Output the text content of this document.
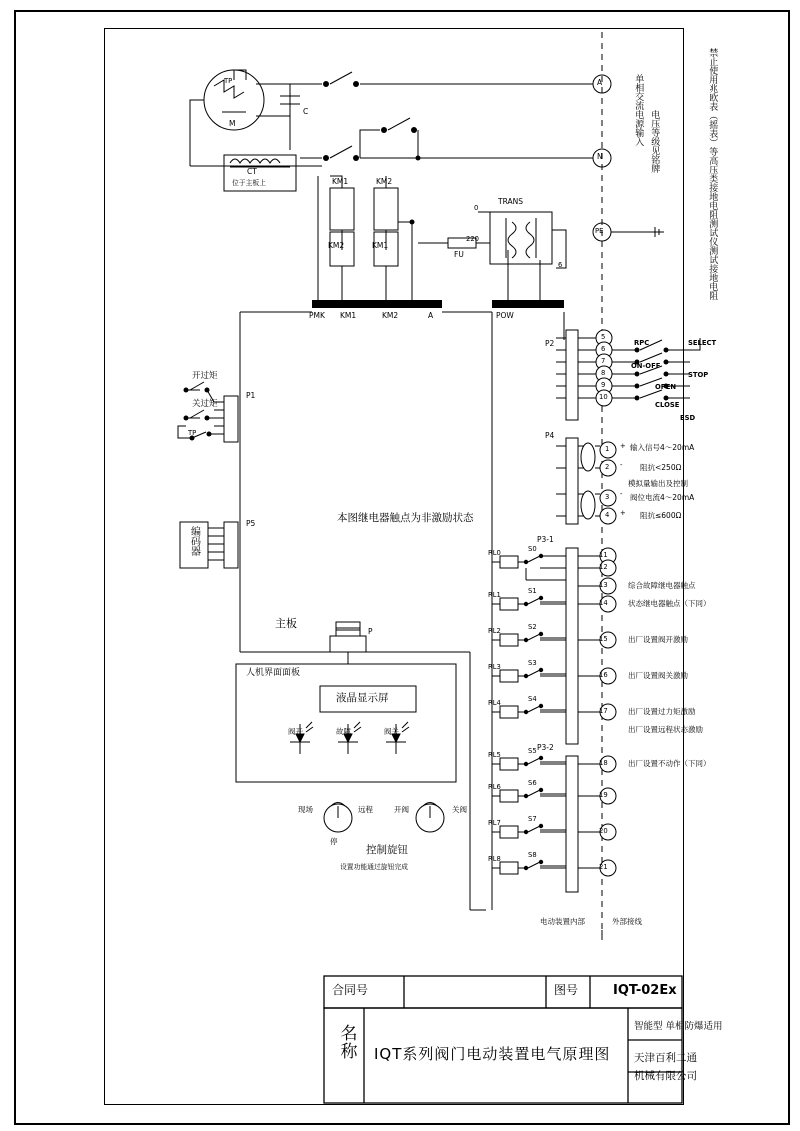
TP
M
C
CT
位于主板上	KM1	KM2
KM2	KM1
TRANS
0
220
6
FU
PMK KM1	KM2	A	POW
A
N
PE	禁止使用兆欧表（摇表）等高压类接地电阻测试仪测试接地电阻
单相交流电源输入 电压等级见铭牌
P1
P5
P2
P4
P3-1
P3-2
P
开过矩
关过矩
TP
编码器
本图继电器触点为非激励状态
主板
人机界面面板
液晶显示屏
阀开	故障	阀关
现场	远程	开阀	关阀
停
控制旋钮
设置功能通过旋钮完成
5
6
7
8
9
10
RPC	SELECT
ON-OFF
STOP
OPEN
CLOSE
ESD
1
2
3
4
+
-
-
+
输入信号4～20mA
阻抗<250Ω
模拟量输出及控制
阀位电流4～20mA
阻抗≤600Ω
11
12
13
14
15
16
17
18
19
20
21
RL0
RL1
RL2
RL3
RL4
RL5
RL6
RL7
RL8
S0
S1
S2
S3
S4
S5
S6
S7
S8
综合故障继电器触点
状态继电器触点（下同）
出厂设置阀开激励
出厂设置阀关激励
出厂设置过力矩激励
出厂设置远程状态激励
出厂设置不动作（下同）
电动装置内部	外部接线
合同号	图号	IQT-02Ex
名
称	IQT系列阀门电动装置电气原理图
智能型 单相防爆适用
天津百利二通
机械有限公司
